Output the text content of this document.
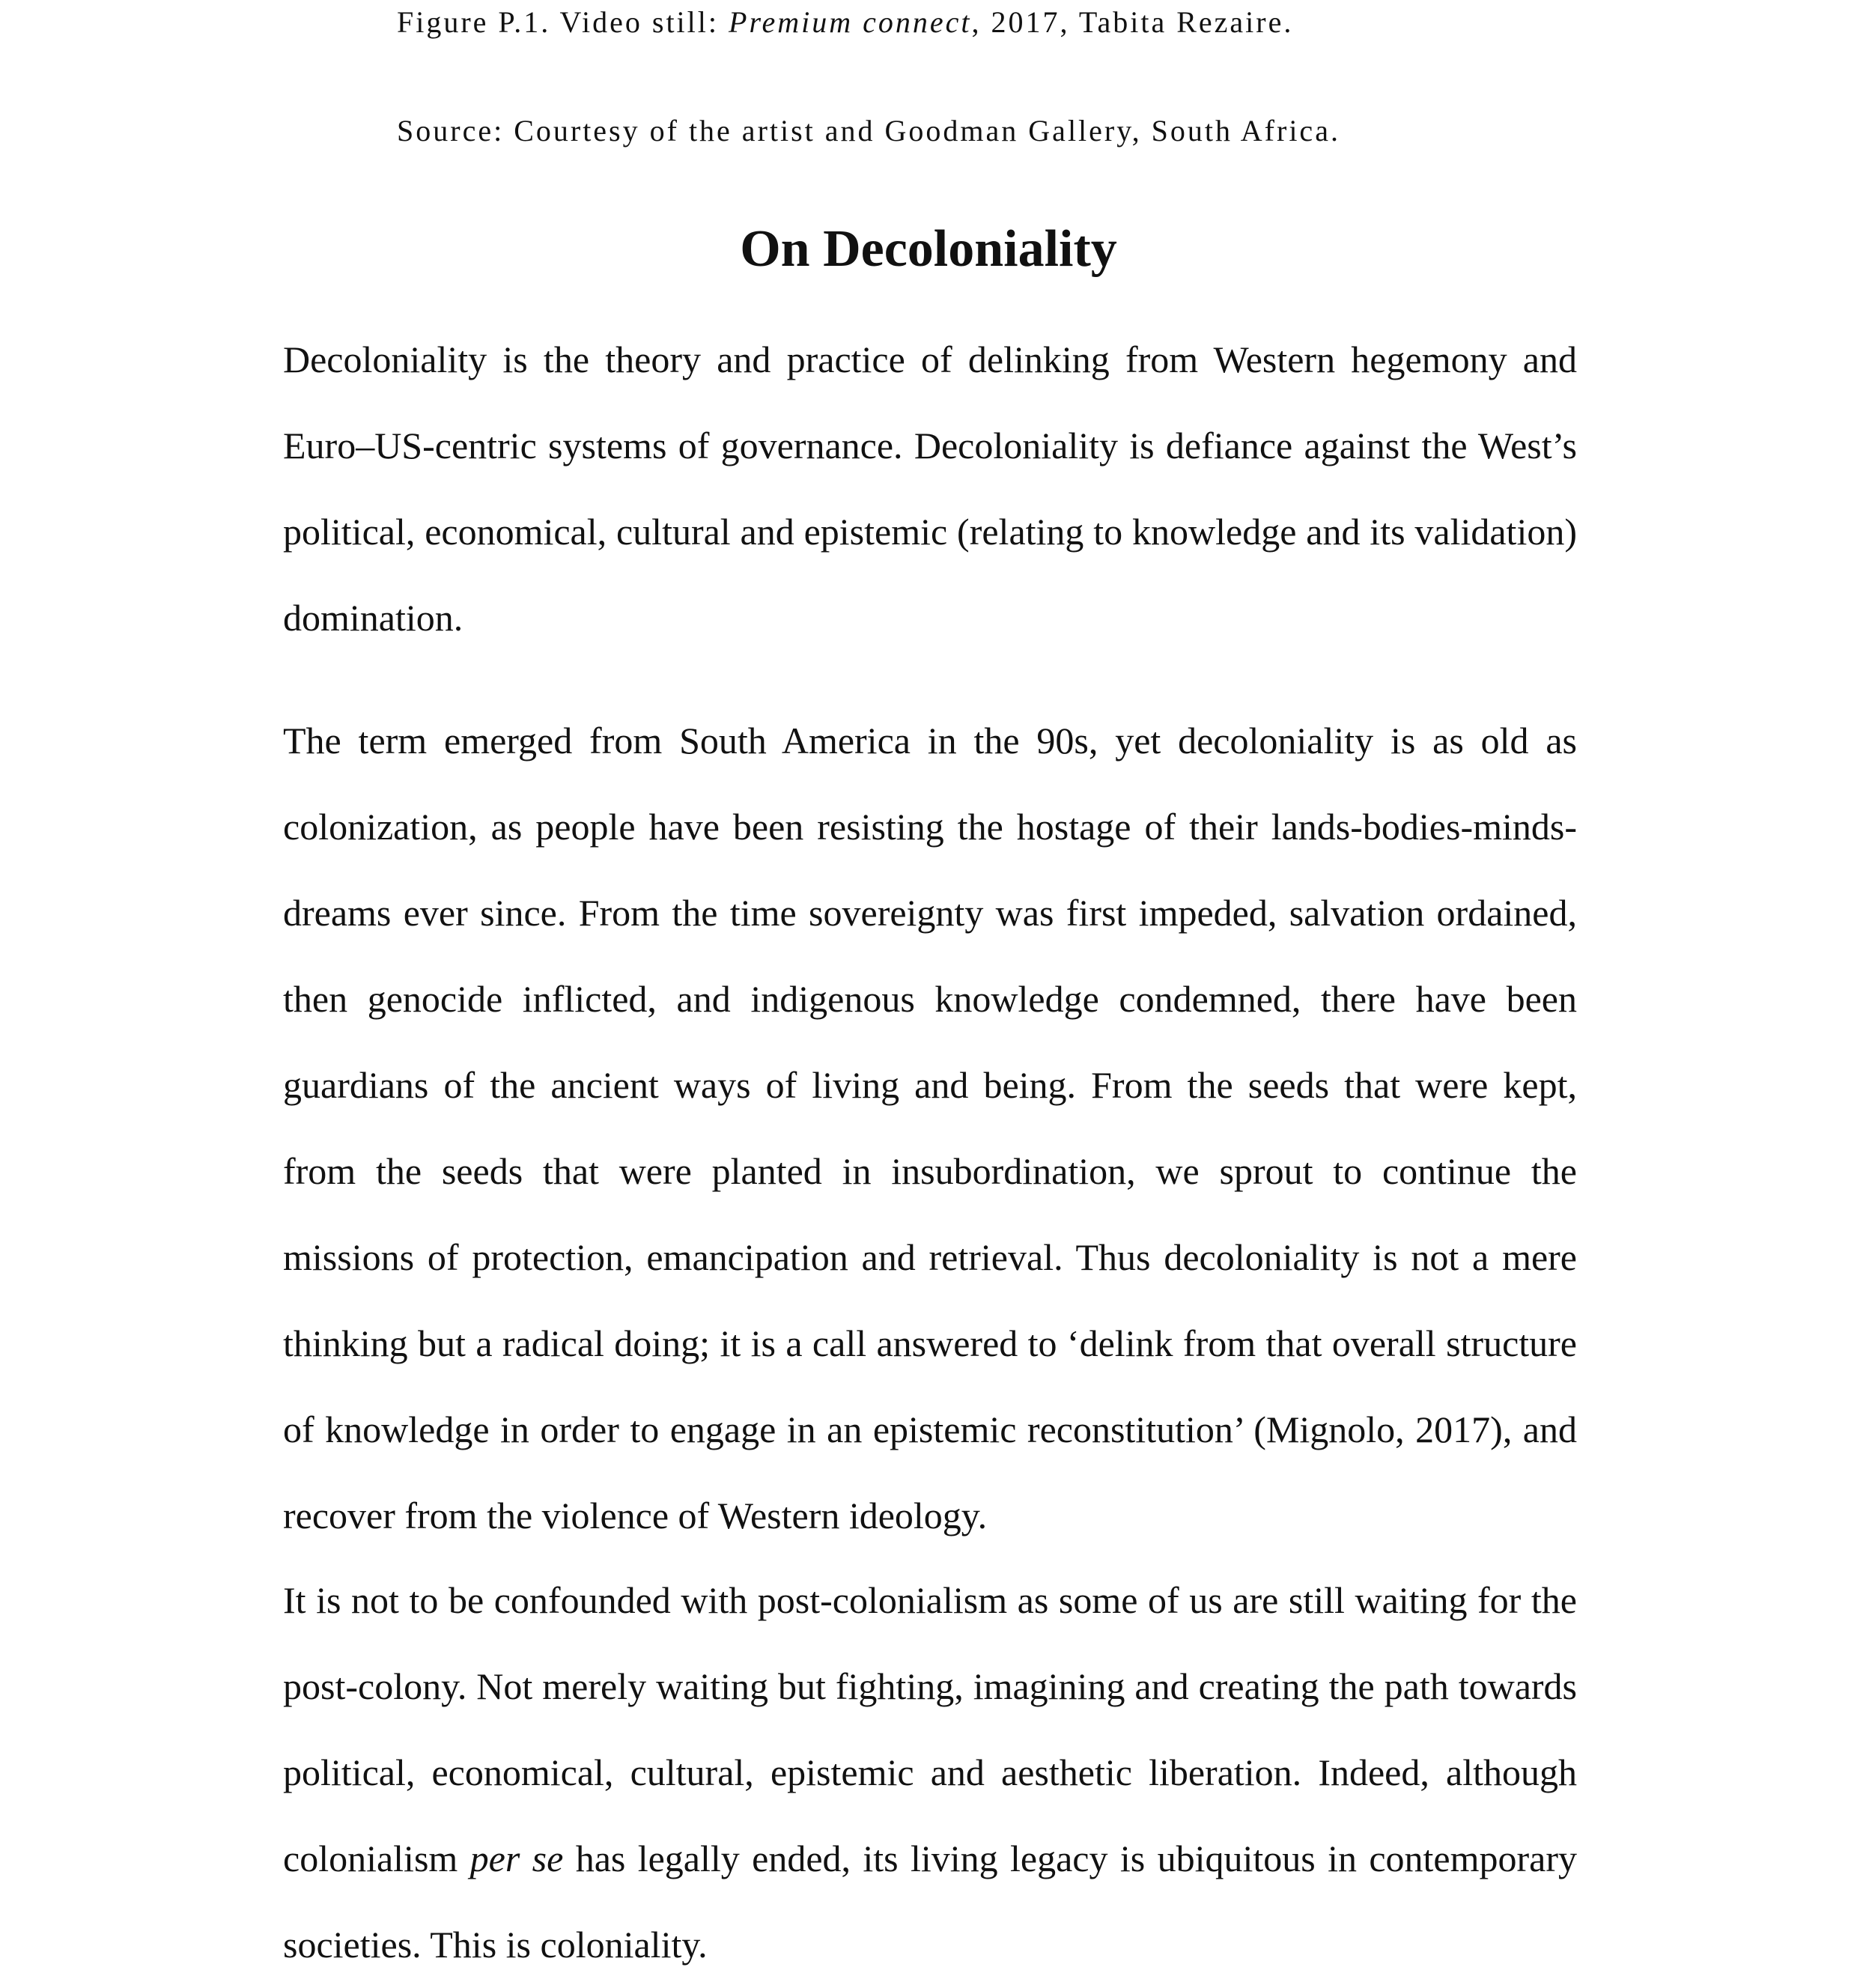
Figure P.1. Video still: Premium connect, 2017, Tabita Rezaire.
Source: Courtesy of the artist and Goodman Gallery, South Africa.
On Decoloniality

Decoloniality is the theory and practice of delinking from Western hegemony and Euro–US-centric systems of governance. Decoloniality is defiance against the West’s political, economical, cultural and epistemic (relating to knowledge and its validation) domination.

The term emerged from South America in the 90s, yet decoloniality is as old as colonization, as people have been resisting the hostage of their lands-bodies-minds-dreams ever since. From the time sovereignty was first impeded, salvation ordained, then genocide inflicted, and indigenous knowledge condemned, there have been guardians of the ancient ways of living and being. From the seeds that were kept, from the seeds that were planted in insubordination, we sprout to continue the missions of protection, emancipation and retrieval. Thus decoloniality is not a mere thinking but a radical doing; it is a call answered to ‘delink from that overall structure of knowledge in order to engage in an epistemic reconstitution’ (Mignolo, 2017), and recover from the violence of Western ideology.

It is not to be confounded with post-colonialism as some of us are still waiting for the post-colony. Not merely waiting but fighting, imagining and creating the path towards political, economical, cultural, epistemic and aesthetic liberation. Indeed, although colonialism per se has legally ended, its living legacy is ubiquitous in contemporary societies. This is coloniality.
